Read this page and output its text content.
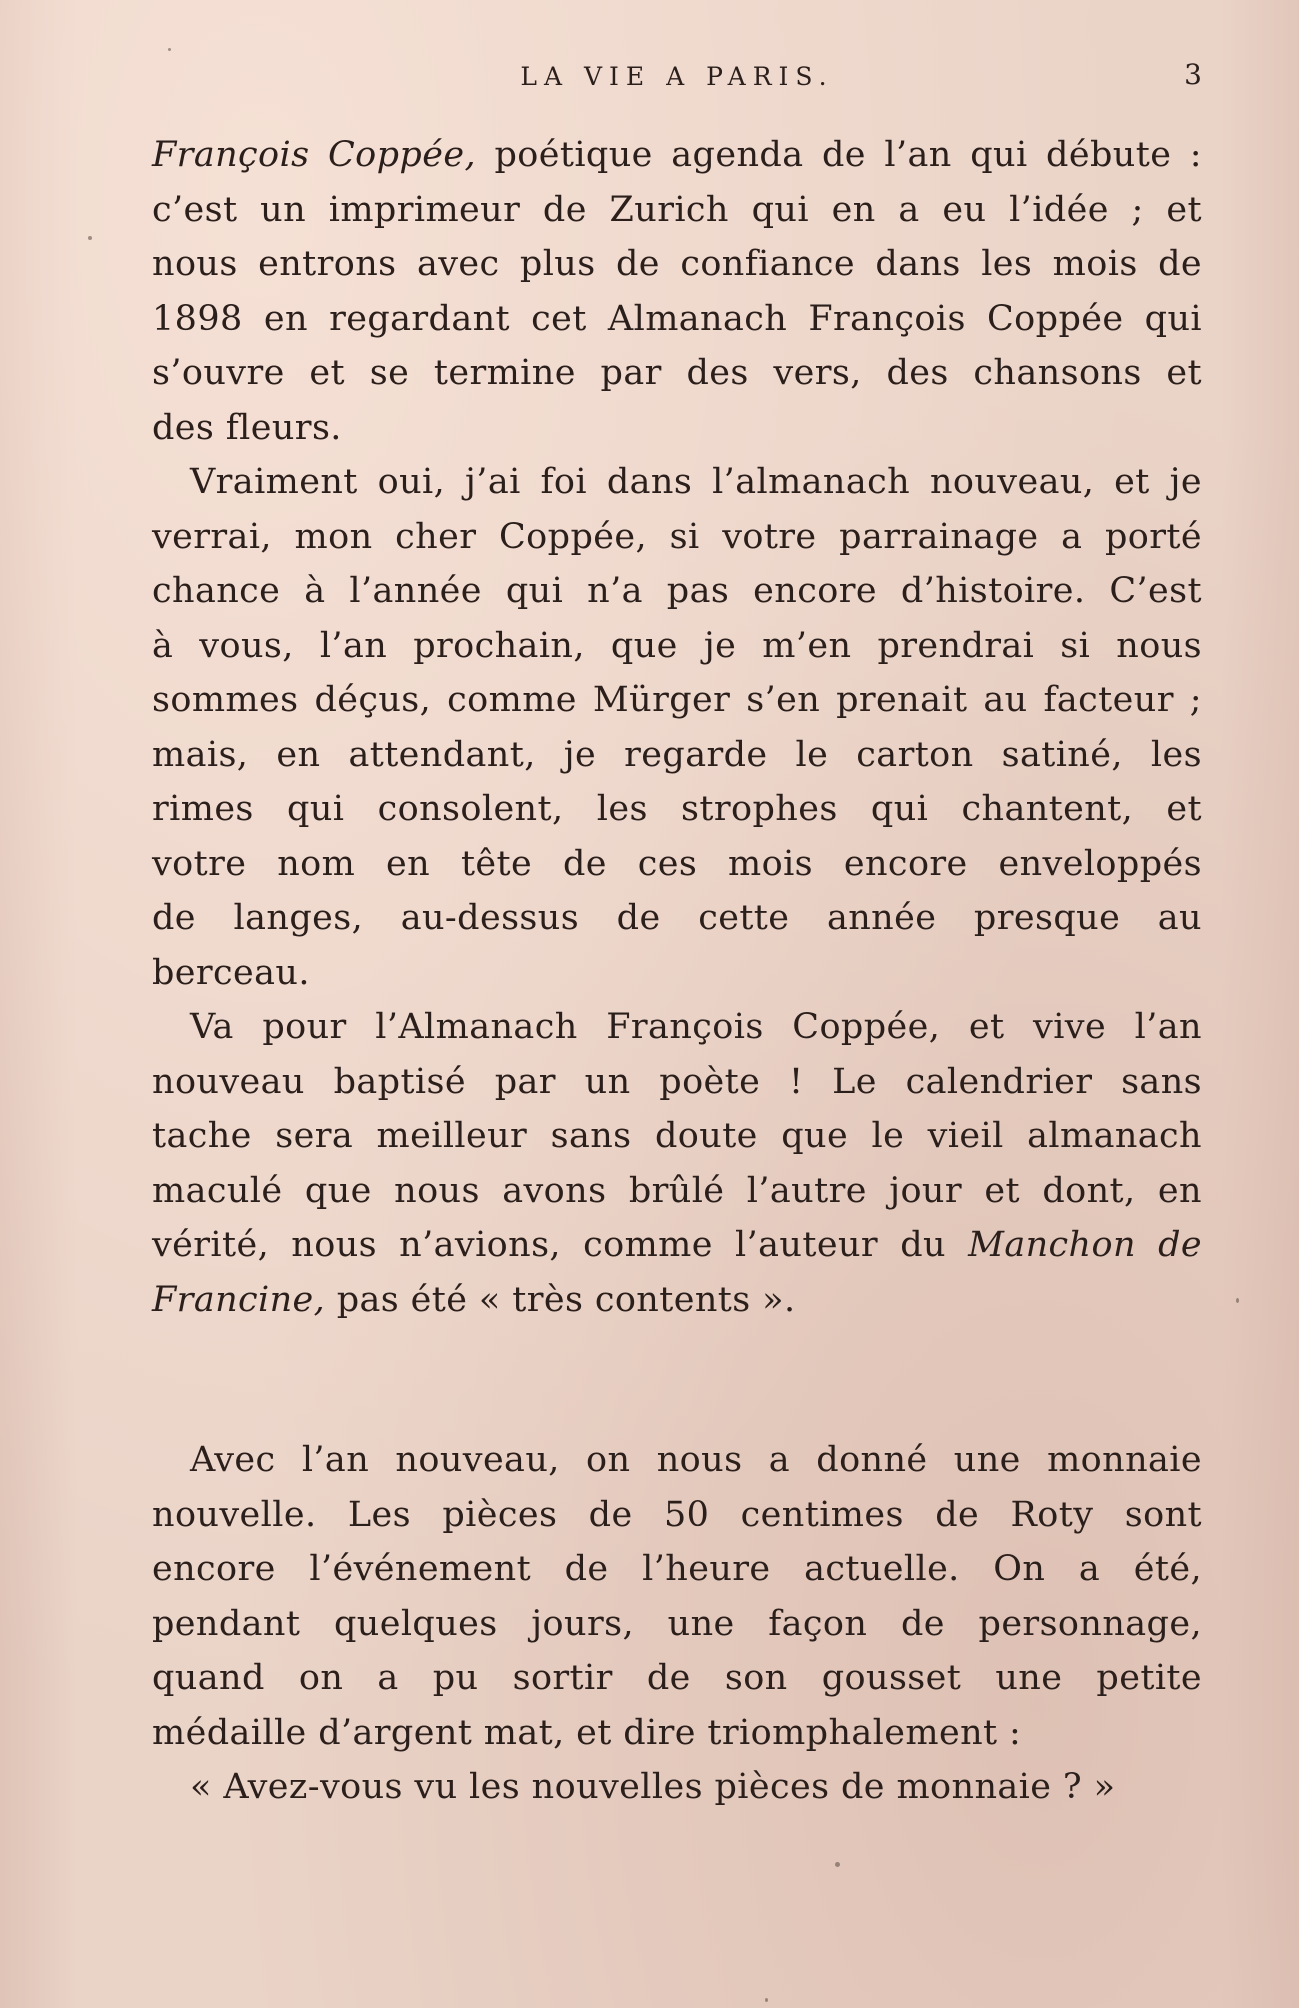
LA VIE A PARIS.	3
François Coppée, poétique agenda de l’an qui débute :
c’est un imprimeur de Zurich qui en a eu l’idée ; et
nous entrons avec plus de confiance dans les mois de
1898 en regardant cet Almanach François Coppée qui
s’ouvre et se termine par des vers, des chansons et
des fleurs.
Vraiment oui, j’ai foi dans l’almanach nouveau, et je
verrai, mon cher Coppée, si votre parrainage a porté
chance à l’année qui n’a pas encore d’histoire. C’est
à vous, l’an prochain, que je m’en prendrai si nous
sommes déçus, comme Mürger s’en prenait au facteur ;
mais, en attendant, je regarde le carton satiné, les
rimes qui consolent, les strophes qui chantent, et
votre nom en tête de ces mois encore enveloppés
de langes, au-dessus de cette année presque au
berceau.
Va pour l’Almanach François Coppée, et vive l’an
nouveau baptisé par un poète ! Le calendrier sans
tache sera meilleur sans doute que le vieil almanach
maculé que nous avons brûlé l’autre jour et dont, en
vérité, nous n’avions, comme l’auteur du Manchon de
Francine, pas été « très contents ».
Avec l’an nouveau, on nous a donné une monnaie
nouvelle. Les pièces de 50 centimes de Roty sont
encore l’événement de l’heure actuelle. On a été,
pendant quelques jours, une façon de personnage,
quand on a pu sortir de son gousset une petite
médaille d’argent mat, et dire triomphalement :
« Avez-vous vu les nouvelles pièces de monnaie ? »
